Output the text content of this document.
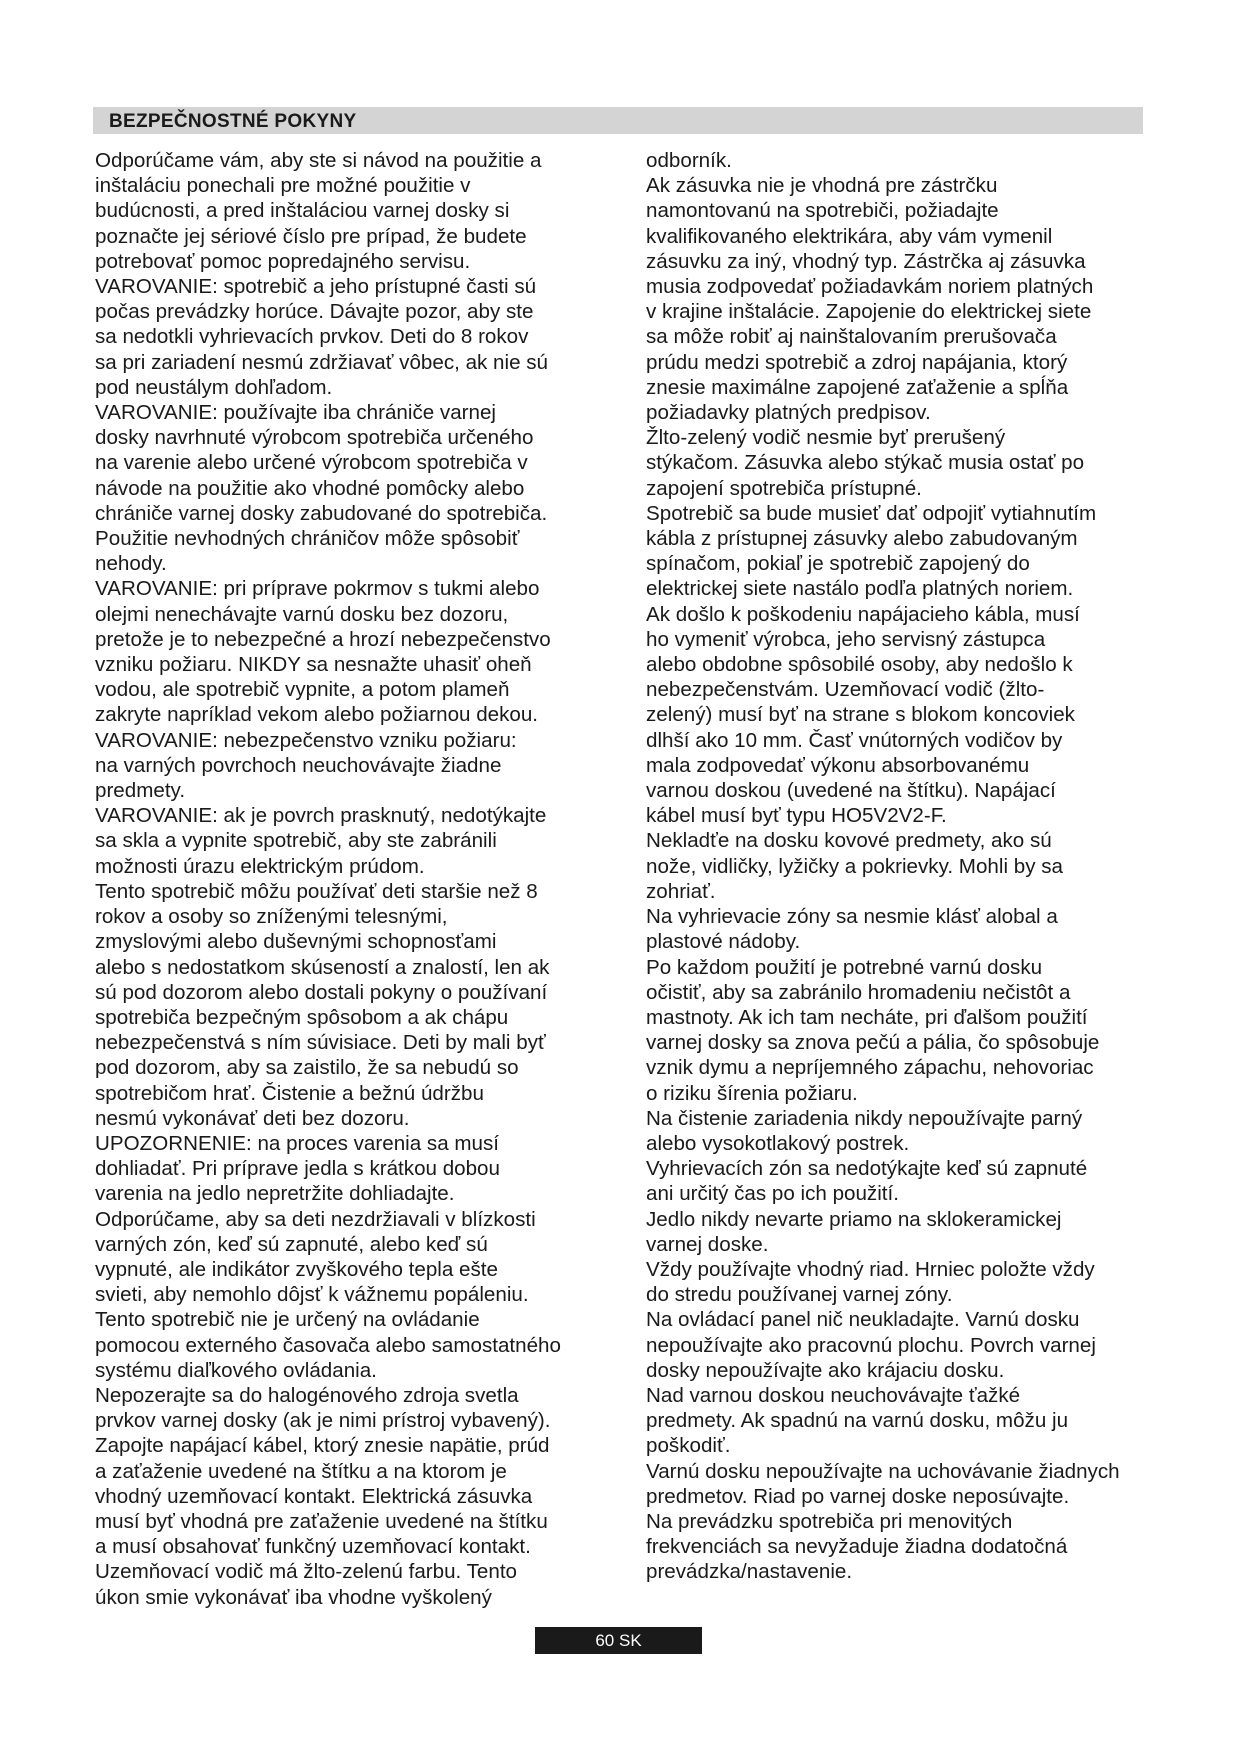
BEZPEČNOSTNÉ POKYNY

Odporúčame vám, aby ste si návod na použitie a

inštaláciu ponechali pre možné použitie v

budúcnosti, a pred inštaláciou varnej dosky si

poznačte jej sériové číslo pre prípad, že budete

potrebovať pomoc popredajného servisu.

VAROVANIE: spotrebič a jeho prístupné časti sú

počas prevádzky horúce. Dávajte pozor, aby ste

sa nedotkli vyhrievacích prvkov. Deti do 8 rokov

sa pri zariadení nesmú zdržiavať vôbec, ak nie sú

pod neustálym dohľadom.

VAROVANIE: používajte iba chrániče varnej

dosky navrhnuté výrobcom spotrebiča určeného

na varenie alebo určené výrobcom spotrebiča v

návode na použitie ako vhodné pomôcky alebo

chrániče varnej dosky zabudované do spotrebiča.

Použitie nevhodných chráničov môže spôsobiť

nehody.

VAROVANIE: pri príprave pokrmov s tukmi alebo

olejmi nenechávajte varnú dosku bez dozoru,

pretože je to nebezpečné a hrozí nebezpečenstvo

vzniku požiaru. NIKDY sa nesnažte uhasiť oheň

vodou, ale spotrebič vypnite, a potom plameň

zakryte napríklad vekom alebo požiarnou dekou.

VAROVANIE: nebezpečenstvo vzniku požiaru:

na varných povrchoch neuchovávajte žiadne

predmety.

VAROVANIE: ak je povrch prasknutý, nedotýkajte

sa skla a vypnite spotrebič, aby ste zabránili

možnosti úrazu elektrickým prúdom.

Tento spotrebič môžu používať deti staršie než 8

rokov a osoby so zníženými telesnými,

zmyslovými alebo duševnými schopnosťami

alebo s nedostatkom skúseností a znalostí, len ak

sú pod dozorom alebo dostali pokyny o používaní

spotrebiča bezpečným spôsobom a ak chápu

nebezpečenstvá s ním súvisiace. Deti by mali byť

pod dozorom, aby sa zaistilo, že sa nebudú so

spotrebičom hrať. Čistenie a bežnú údržbu

nesmú vykonávať deti bez dozoru.

UPOZORNENIE: na proces varenia sa musí

dohliadať. Pri príprave jedla s krátkou dobou

varenia na jedlo nepretržite dohliadajte.

Odporúčame, aby sa deti nezdržiavali v blízkosti

varných zón, keď sú zapnuté, alebo keď sú

vypnuté, ale indikátor zvyškového tepla ešte

svieti, aby nemohlo dôjsť k vážnemu popáleniu.

Tento spotrebič nie je určený na ovládanie

pomocou externého časovača alebo samostatného

systému diaľkového ovládania.

Nepozerajte sa do halogénového zdroja svetla

prvkov varnej dosky (ak je nimi prístroj vybavený).

Zapojte napájací kábel, ktorý znesie napätie, prúd

a zaťaženie uvedené na štítku a na ktorom je

vhodný uzemňovací kontakt. Elektrická zásuvka

musí byť vhodná pre zaťaženie uvedené na štítku

a musí obsahovať funkčný uzemňovací kontakt.

Uzemňovací vodič má žlto-zelenú farbu. Tento

úkon smie vykonávať iba vhodne vyškolený

odborník.

Ak zásuvka nie je vhodná pre zástrčku

namontovanú na spotrebiči, požiadajte

kvalifikovaného elektrikára, aby vám vymenil

zásuvku za iný, vhodný typ. Zástrčka aj zásuvka

musia zodpovedať požiadavkám noriem platných

v krajine inštalácie. Zapojenie do elektrickej siete

sa môže robiť aj nainštalovaním prerušovača

prúdu medzi spotrebič a zdroj napájania, ktorý

znesie maximálne zapojené zaťaženie a spĺňa

požiadavky platných predpisov.

Žlto-zelený vodič nesmie byť prerušený

stýkačom. Zásuvka alebo stýkač musia ostať po

zapojení spotrebiča prístupné.

Spotrebič sa bude musieť dať odpojiť vytiahnutím

kábla z prístupnej zásuvky alebo zabudovaným

spínačom, pokiaľ je spotrebič zapojený do

elektrickej siete nastálo podľa platných noriem.

Ak došlo k poškodeniu napájacieho kábla, musí

ho vymeniť výrobca, jeho servisný zástupca

alebo obdobne spôsobilé osoby, aby nedošlo k

nebezpečenstvám. Uzemňovací vodič (žlto-

zelený) musí byť na strane s blokom koncoviek

dlhší ako 10 mm. Časť vnútorných vodičov by

mala zodpovedať výkonu absorbovanému

varnou doskou (uvedené na štítku). Napájací

kábel musí byť typu HO5V2V2-F.

Nekladťe na dosku kovové predmety, ako sú

nože, vidličky, lyžičky a pokrievky. Mohli by sa

zohriať.

Na vyhrievacie zóny sa nesmie klásť alobal a

plastové nádoby.

Po každom použití je potrebné varnú dosku

očistiť, aby sa zabránilo hromadeniu nečistôt a

mastnoty. Ak ich tam necháte, pri ďalšom použití

varnej dosky sa znova pečú a pália, čo spôsobuje

vznik dymu a nepríjemného zápachu, nehovoriac

o riziku šírenia požiaru.

Na čistenie zariadenia nikdy nepoužívajte parný

alebo vysokotlakový postrek.

Vyhrievacích zón sa nedotýkajte keď sú zapnuté

ani určitý čas po ich použití.

Jedlo nikdy nevarte priamo na sklokeramickej

varnej doske.

Vždy používajte vhodný riad. Hrniec položte vždy

do stredu používanej varnej zóny.

Na ovládací panel nič neukladajte. Varnú dosku

nepoužívajte ako pracovnú plochu. Povrch varnej

dosky nepoužívajte ako krájaciu dosku.

Nad varnou doskou neuchovávajte ťažké

predmety. Ak spadnú na varnú dosku, môžu ju

poškodiť.

Varnú dosku nepoužívajte na uchovávanie žiadnych

predmetov. Riad po varnej doske neposúvajte.

Na prevádzku spotrebiča pri menovitých

frekvenciách sa nevyžaduje žiadna dodatočná

prevádzka/nastavenie.

60 SK
